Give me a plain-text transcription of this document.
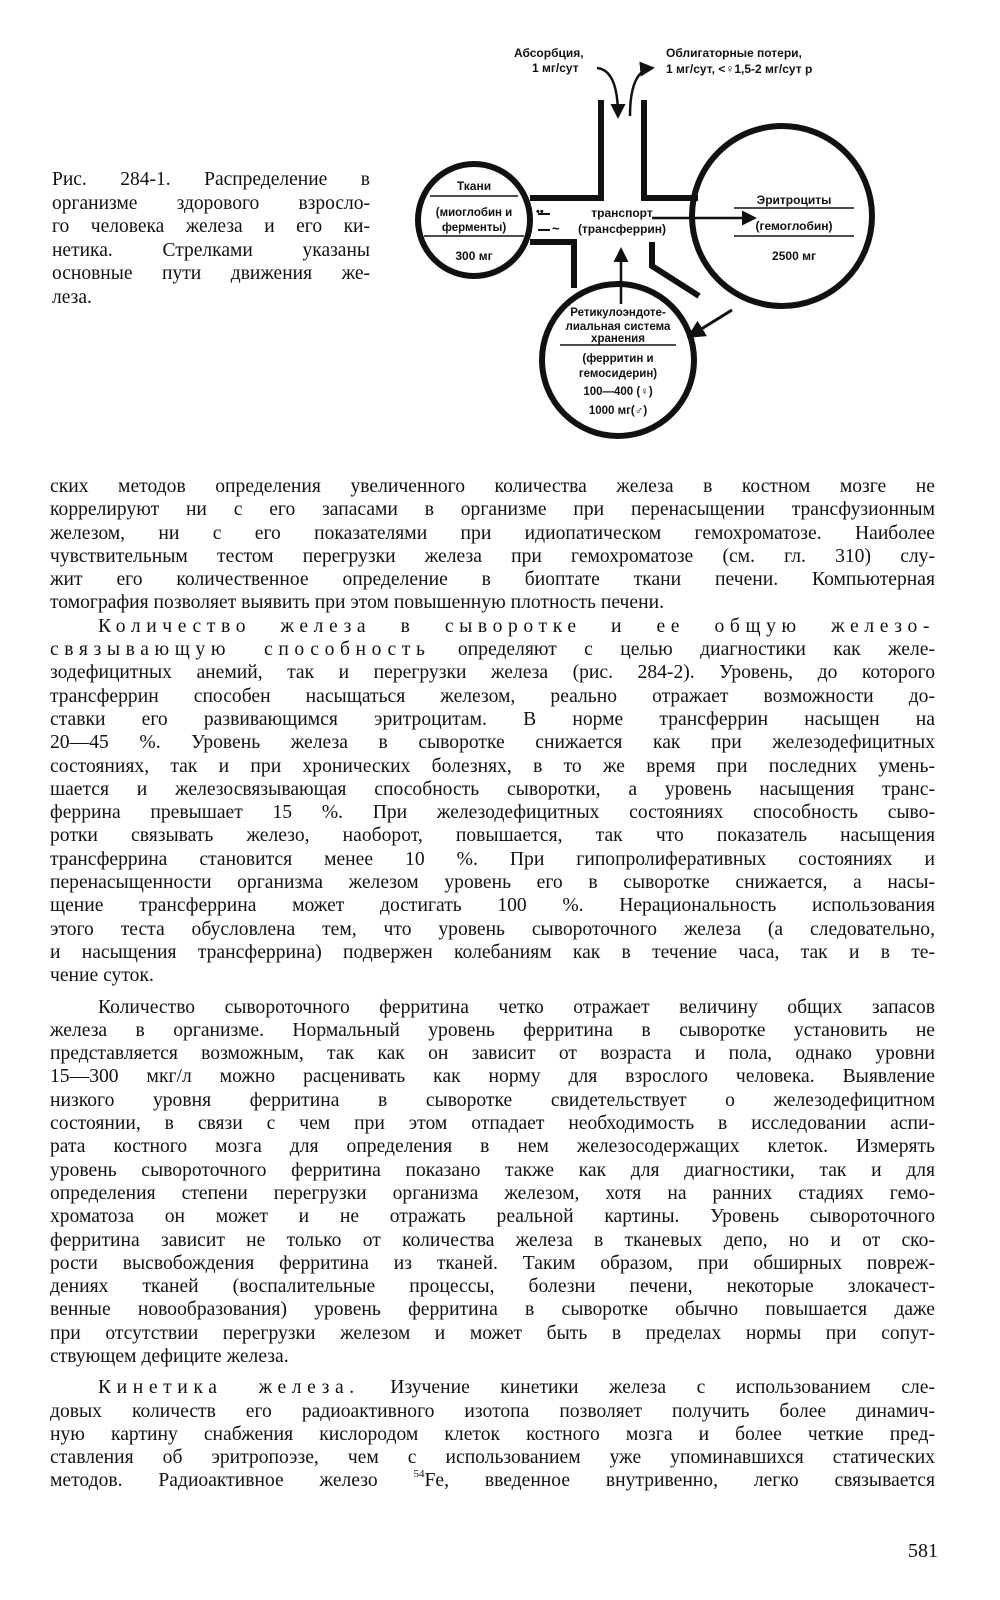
Рис. 284-1. Распределение в
организме здорового взросло-
го человека железа и его ки-
нетика. Стрелками указаны
основные пути движения же-
леза.
••
~
Абсорбция,
1 мг/сут
Облигаторные потери,
1 мг/сут, <♀1,5-2 мг/сут р
Ткани
(миоглобин и
ферменты)
300 мг
транспорт
(трансферрин)
Эритроциты
(гемоглобин)
2500 мг
Ретикулоэндоте-
лиальная система
хранения
(ферритин и
гемосидерин)
100—400 (♀)
1000 мг(♂)
ских методов определения увеличенного количества железа в костном мозге не
коррелируют ни с его запасами в организме при перенасыщении трансфузионным
железом, ни с его показателями при идиопатическом гемохроматозе. Наиболее
чувствительным тестом перегрузки железа при гемохроматозе (см. гл. 310) слу-
жит его количественное определение в биоптате ткани печени. Компьютерная
томография позволяет выявить при этом повышенную плотность печени.
Количество железа в сыворотке и ее общую железо-
связывающую способность определяют с целью диагностики как желе-
зодефицитных анемий, так и перегрузки железа (рис. 284-2). Уровень, до которого
трансферрин способен насыщаться железом, реально отражает возможности до-
ставки его развивающимся эритроцитам. В норме трансферрин насыщен на
20—45 %. Уровень железа в сыворотке снижается как при железодефицитных
состояниях, так и при хронических болезнях, в то же время при последних умень-
шается и железосвязывающая способность сыворотки, а уровень насыщения транс-
феррина превышает 15 %. При железодефицитных состояниях способность сыво-
ротки связывать железо, наоборот, повышается, так что показатель насыщения
трансферрина становится менее 10 %. При гипопролиферативных состояниях и
перенасыщенности организма железом уровень его в сыворотке снижается, а насы-
щение трансферрина может достигать 100 %. Нерациональность использования
этого теста обусловлена тем, что уровень сывороточного железа (а следовательно,
и насыщения трансферрина) подвержен колебаниям как в течение часа, так и в те-
чение суток.
Количество сывороточного ферритина четко отражает величину общих запасов
железа в организме. Нормальный уровень ферритина в сыворотке установить не
представляется возможным, так как он зависит от возраста и пола, однако уровни
15—300 мкг/л можно расценивать как норму для взрослого человека. Выявление
низкого уровня ферритина в сыворотке свидетельствует о железодефицитном
состоянии, в связи с чем при этом отпадает необходимость в исследовании аспи-
рата костного мозга для определения в нем железосодержащих клеток. Измерять
уровень сывороточного ферритина показано также как для диагностики, так и для
определения степени перегрузки организма железом, хотя на ранних стадиях гемо-
хроматоза он может и не отражать реальной картины. Уровень сывороточного
ферритина зависит не только от количества железа в тканевых депо, но и от ско-
рости высвобождения ферритина из тканей. Таким образом, при обширных повреж-
дениях тканей (воспалительные процессы, болезни печени, некоторые злокачест-
венные новообразования) уровень ферритина в сыворотке обычно повышается даже
при отсутствии перегрузки железом и может быть в пределах нормы при сопут-
ствующем дефиците железа.
Кинетика железа. Изучение кинетики железа с использованием сле-
довых количеств его радиоактивного изотопа позволяет получить более динамич-
ную картину снабжения кислородом клеток костного мозга и более четкие пред-
ставления об эритропоэзе, чем с использованием уже упоминавшихся статических
методов. Радиоактивное железо	$^{54}$Fe, введенное внутривенно, легко связывается
581
